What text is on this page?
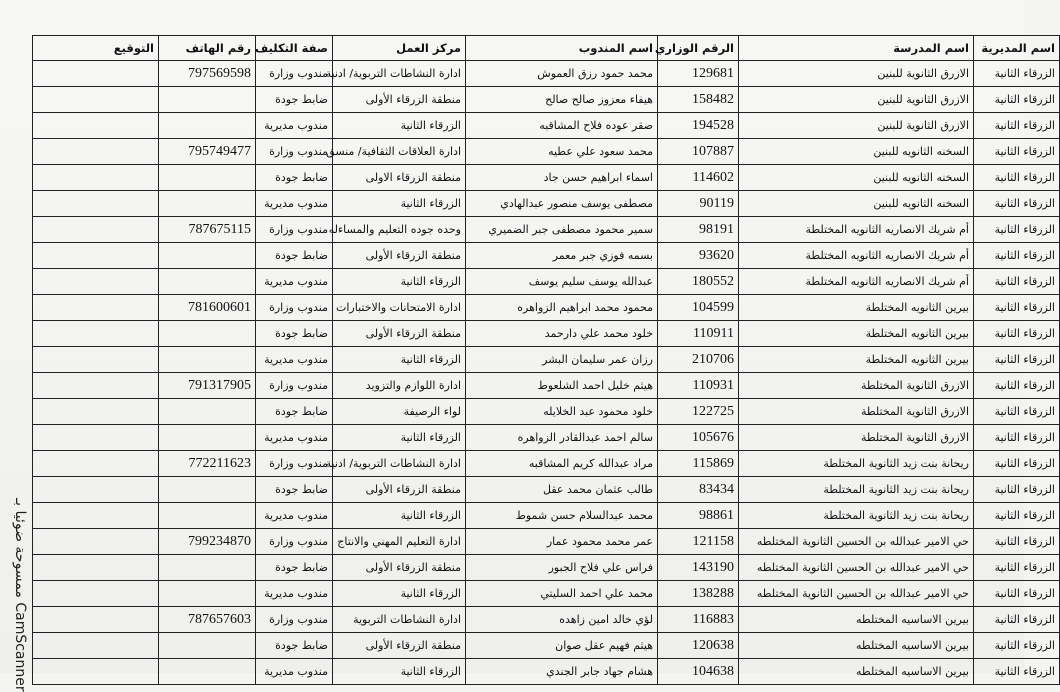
اسم المديرية	اسم المدرسة	الرقم الوزاري	اسم المندوب	مركز العمل	صفة التكليف	رقم الهاتف	التوقيع
الزرقاء الثانية	الازرق الثانوية للبنين	129681	محمد حمود رزق العموش	ادارة النشاطات التربوية/ ادنية	مندوب وزارة	797569598	
الزرقاء الثانية	الازرق الثانوية للبنين	158482	هيفاء معزوز صالح صالح	منطقة الزرقاء الأولى	ضابط جودة		
الزرقاء الثانية	الازرق الثانوية للبنين	194528	صقر عوده فلاح المشاقبه	الزرقاء الثانية	مندوب مديرية		
الزرقاء الثانية	السخنه الثانويه للبنين	107887	محمد سعود علي عطيه	ادارة العلاقات الثقافية/ منسق	مندوب وزارة	795749477	
الزرقاء الثانية	السخنه الثانويه للبنين	114602	اسماء ابراهيم حسن جاد	منطقة الزرقاء الاولى	ضابط جودة		
الزرقاء الثانية	السخنه الثانويه للبنين	90119	مصطفى يوسف منصور عبدالهادي	الزرقاء الثانية	مندوب مديرية		
الزرقاء الثانية	أم شريك الانصاريه الثانويه المختلطة	98191	سمير محمود مصطفى جبر الضميري	وحده جوده التعليم والمساءله	مندوب وزارة	787675115	
الزرقاء الثانية	أم شريك الانصاريه الثانويه المختلطة	93620	بسمه فوزي جبر معمر	منطقة الزرقاء الأولى	ضابط جودة		
الزرقاء الثانية	أم شريك الانصاريه الثانويه المختلطة	180552	عبدالله يوسف سليم يوسف	الزرقاء الثانية	مندوب مديرية		
الزرقاء الثانية	بيرين الثانويه المختلطة	104599	محمود محمد ابراهيم الزواهره	ادارة الامتحانات والاختبارات	مندوب وزارة	781600601	
الزرقاء الثانية	بيرين الثانويه المختلطة	110911	خلود محمد علي دارحمد	منطقة الزرقاء الأولى	ضابط جودة		
الزرقاء الثانية	بيرين الثانويه المختلطة	210706	رزان عمر سليمان البشر	الزرقاء الثانية	مندوب مديرية		
الزرقاء الثانية	الازرق الثانوية المختلطة	110931	هيثم خليل احمد الشلعوط	ادارة اللوازم والتزويد	مندوب وزارة	791317905	
الزرقاء الثانية	الازرق الثانوية المختلطة	122725	خلود محمود عبد الخلايله	لواء الرصيفة	ضابط جودة		
الزرقاء الثانية	الازرق الثانوية المختلطة	105676	سالم احمد عبدالقادر الزواهره	الزرقاء الثانية	مندوب مديرية		
الزرقاء الثانية	ريحانة بنت زيد الثانوية المختلطة	115869	مراد عبدالله كريم المشاقبه	ادارة النشاطات التربوية/ ادنية	مندوب وزارة	772211623	
الزرقاء الثانية	ريحانة بنت زيد الثانوية المختلطة	83434	طالب عثمان محمد عقل	منطقة الزرقاء الأولى	ضابط جودة		
الزرقاء الثانية	ريحانة بنت زيد الثانوية المختلطة	98861	محمد عبدالسلام حسن شموط	الزرقاء الثانية	مندوب مديرية		
الزرقاء الثانية	حي الامير عبدالله بن الحسين الثانوية المختلطه	121158	عمر محمد محمود عمار	ادارة التعليم المهني والانتاج	مندوب وزارة	799234870	
الزرقاء الثانية	حي الامير عبدالله بن الحسين الثانوية المختلطه	143190	فراس علي فلاح الجبور	منطقة الزرقاء الأولى	ضابط جودة		
الزرقاء الثانية	حي الامير عبدالله بن الحسين الثانوية المختلطه	138288	محمد علي احمد السليتي	الزرقاء الثانية	مندوب مديرية		
الزرقاء الثانية	بيرين الاساسيه المختلطه	116883	لؤي خالد امين زاهده	ادارة النشاطات التربوية	مندوب وزارة	787657603	
الزرقاء الثانية	بيرين الاساسيه المختلطه	120638	هيثم فهيم عقل صوان	منطقة الزرقاء الأولى	ضابط جودة		
الزرقاء الثانية	بيرين الاساسيه المختلطه	104638	هشام جهاد جابر الجندي	الزرقاء الثانية	مندوب مديرية		
ممسوحة ضوئيا بـ CamScanner
